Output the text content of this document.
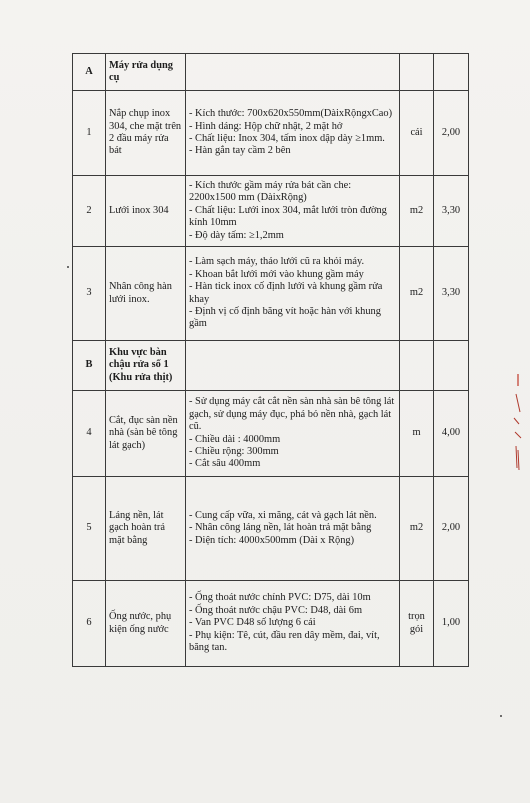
A	Máy rửa dụng cụ			
1	Nắp chụp inox 304, che mặt trên 2 đầu máy rửa bát	- Kích thước: 700x620x550mm(DàixRộngxCao)
- Hình dáng: Hộp chữ nhật, 2 mặt hở
- Chất liệu: Inox 304, tấm inox dập dày ≥1mm.
- Hàn gắn tay cầm 2 bên	cái	2,00
2	Lưới inox 304	- Kích thước gầm máy rửa bát cần che: 2200x1500 mm (DàixRộng)
- Chất liệu: Lưới inox 304, mắt lưới tròn đường kính 10mm
- Độ dày tấm: ≥1,2mm	m2	3,30
3	Nhân công hàn lưới inox.	- Làm sạch máy, tháo lưới cũ ra khỏi máy.
- Khoan bắt lưới mới vào khung gầm máy
- Hàn tick inox cố định lưới và khung gầm rửa khay
- Định vị cố định băng vít hoặc hàn với khung gầm	m2	3,30
B	Khu vực bàn chậu rửa số 1 (Khu rửa thịt)			
4	Cắt, đục sàn nền nhà (sàn bê tông lát gạch)	- Sử dụng máy cắt cắt nền sàn nhà sàn bê tông lát gạch, sử dụng máy đục, phá bỏ nền nhà, gạch lát cũ.
- Chiều dài : 4000mm
- Chiều rộng: 300mm
- Cắt sâu 400mm	m	4,00
5	Láng nền, lát gạch hoàn trả mặt bằng	- Cung cấp vữa, xi măng, cát và gạch lát nền.
- Nhân công láng nền, lát hoàn trả mặt bằng
- Diện tích: 4000x500mm (Dài x Rộng)	m2	2,00
6	Ống nước, phụ kiện ống nước	- Ống thoát nước chính PVC: D75, dài 10m
- Ống thoát nước chậu PVC: D48, dài 6m
- Van PVC D48 số lượng 6 cái
- Phụ kiện: Tê, cút, đầu ren dây mềm, đai, vít, băng tan.	trọn gói	1,00
